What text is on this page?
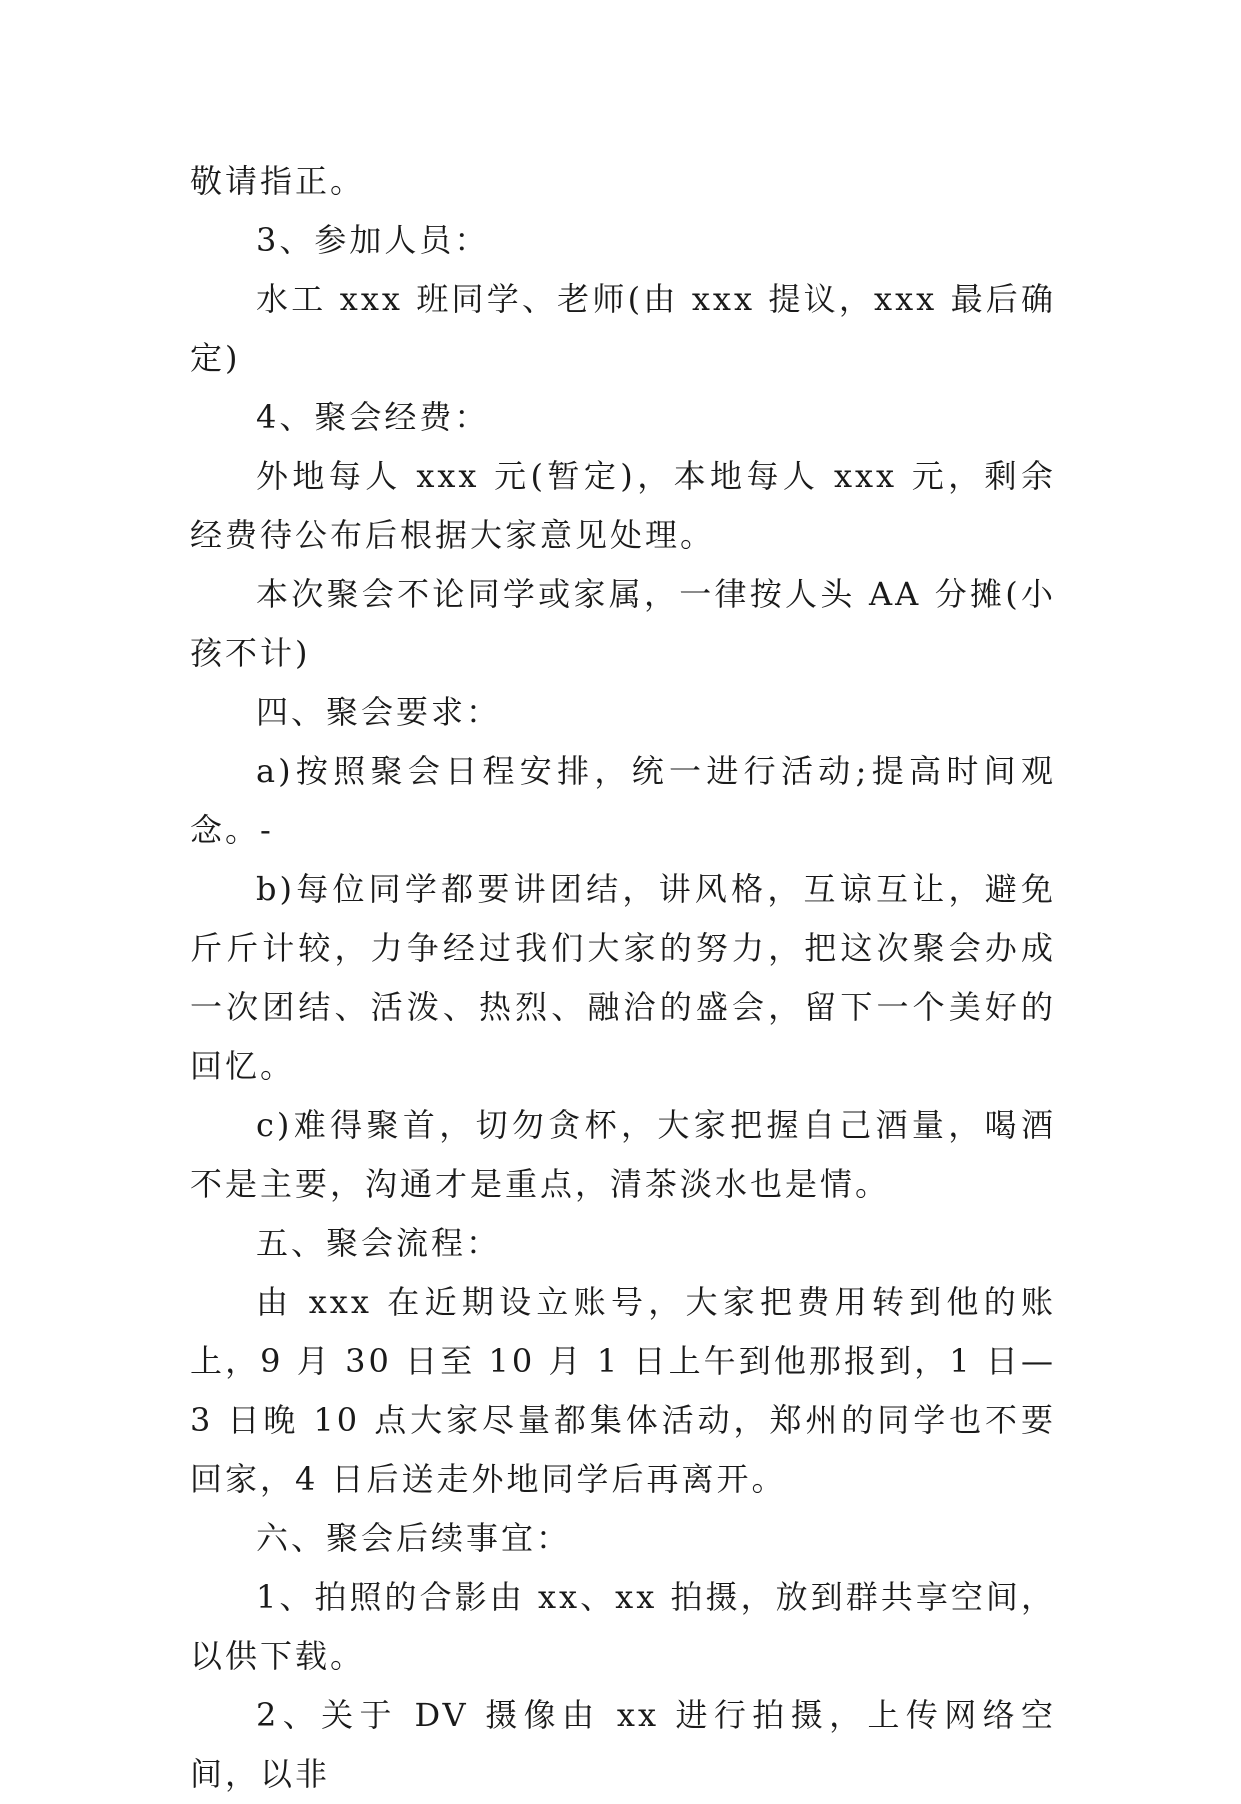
敬请指正。

3、参加人员：

水工 xxx 班同学、老师(由 xxx 提议，xxx 最后确定)

4、聚会经费：

外地每人 xxx 元(暂定)，本地每人 xxx 元，剩余经费待公布后根据大家意见处理。

本次聚会不论同学或家属，一律按人头 AA 分摊(小孩不计)

四、聚会要求：

a)按照聚会日程安排，统一进行活动;提高时间观念。-

b)每位同学都要讲团结，讲风格，互谅互让，避免斤斤计较，力争经过我们大家的努力，把这次聚会办成一次团结、活泼、热烈、融洽的盛会，留下一个美好的回忆。

c)难得聚首，切勿贪杯，大家把握自己酒量，喝酒不是主要，沟通才是重点，清茶淡水也是情。

五、聚会流程：

由 xxx 在近期设立账号，大家把费用转到他的账上，9 月 30 日至 10 月 1 日上午到他那报到，1 日—3 日晚 10 点大家尽量都集体活动，郑州的同学也不要回家，4 日后送走外地同学后再离开。

六、聚会后续事宜：

1、拍照的合影由 xx、xx 拍摄，放到群共享空间，以供下载。

2、关于 DV 摄像由 xx 进行拍摄，上传网络空间，以非
